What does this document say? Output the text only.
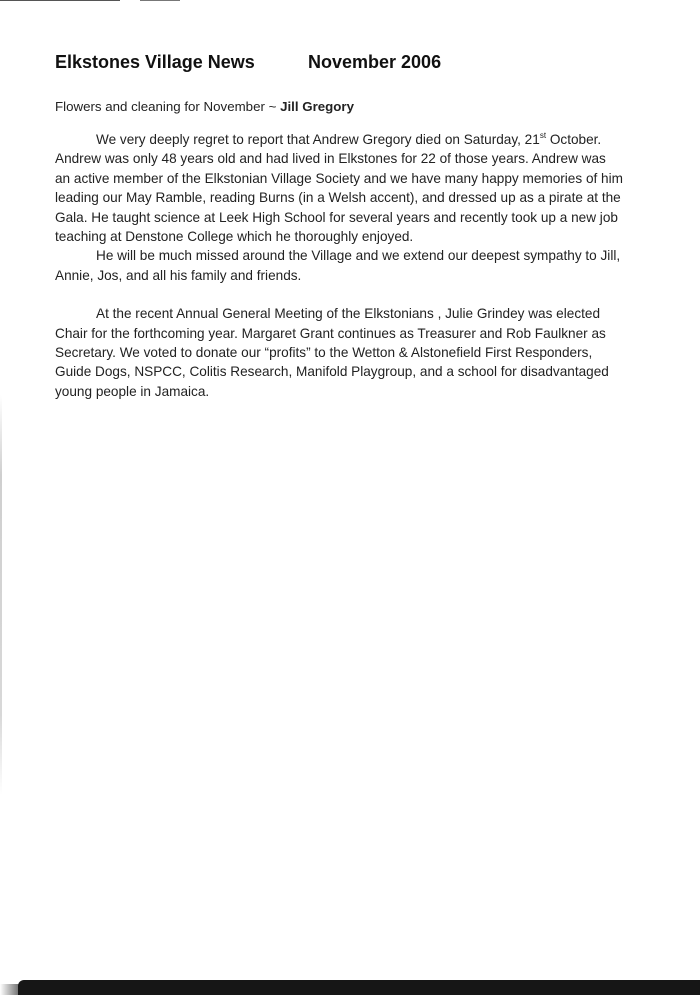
Elkstones Village News	November 2006
Flowers and cleaning for November ~ Jill Gregory

We very deeply regret to report that Andrew Gregory died on Saturday, 21st October.
Andrew was only 48 years old and had lived in Elkstones for 22 of those years. Andrew was
an active member of the Elkstonian Village Society and we have many happy memories of him
leading our May Ramble, reading Burns (in a Welsh accent), and dressed up as a pirate at the
Gala. He taught science at Leek High School for several years and recently took up a new job
teaching at Denstone College which he thoroughly enjoyed.

He will be much missed around the Village and we extend our deepest sympathy to Jill,
Annie, Jos, and all his family and friends.

At the recent Annual General Meeting of the Elkstonians , Julie Grindey was elected
Chair for the forthcoming year. Margaret Grant continues as Treasurer and Rob Faulkner as
Secretary. We voted to donate our “profits” to the Wetton & Alstonefield First Responders,
Guide Dogs, NSPCC, Colitis Research, Manifold Playgroup, and a school for disadvantaged
young people in Jamaica.
